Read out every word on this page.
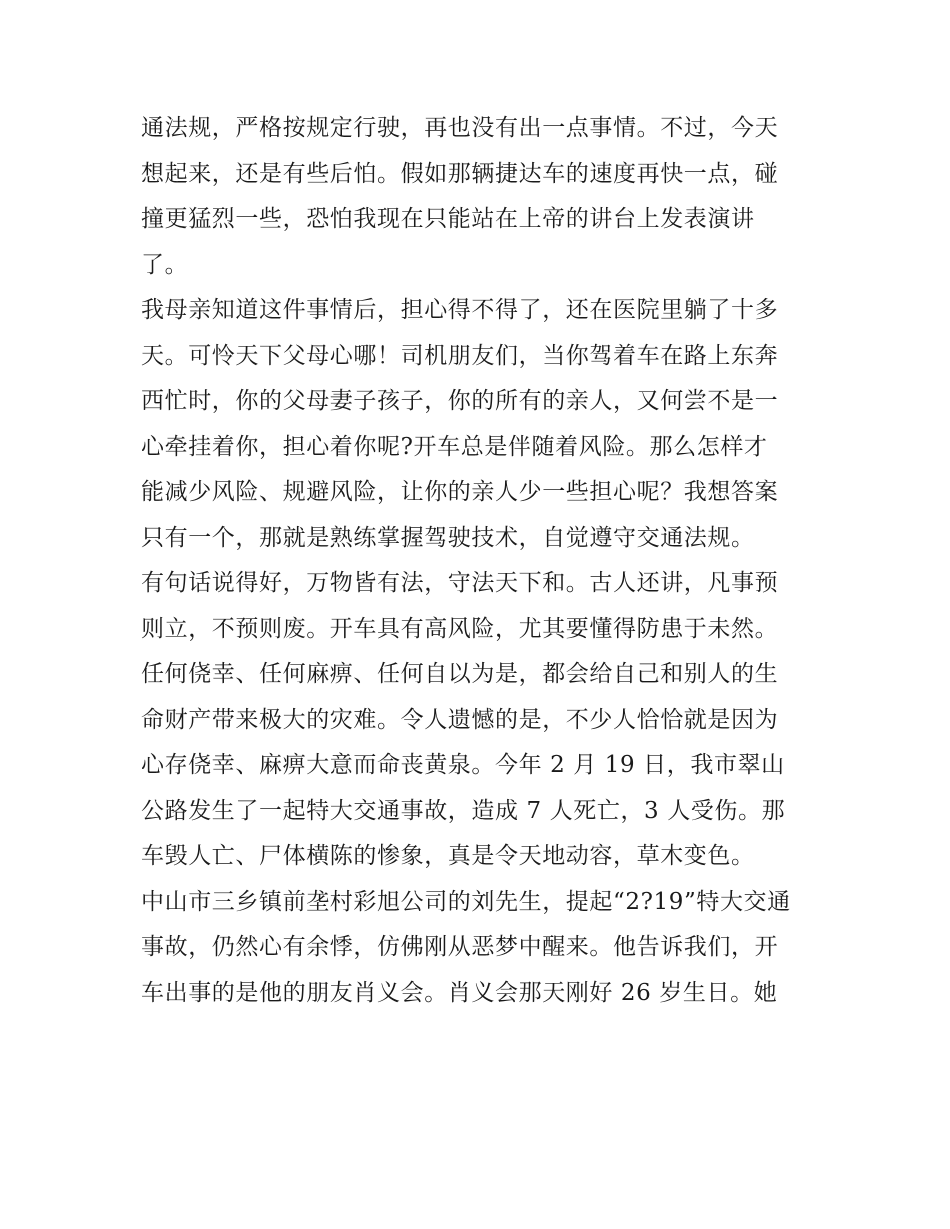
通法规，严格按规定行驶，再也没有出一点事情。不过，今天
想起来，还是有些后怕。假如那辆捷达车的速度再快一点，碰
撞更猛烈一些，恐怕我现在只能站在上帝的讲台上发表演讲
了。
我母亲知道这件事情后，担心得不得了，还在医院里躺了十多
天。可怜天下父母心哪！司机朋友们，当你驾着车在路上东奔
西忙时，你的父母妻子孩子，你的所有的亲人，又何尝不是一
心牵挂着你，担心着你呢?开车总是伴随着风险。那么怎样才
能减少风险、规避风险，让你的亲人少一些担心呢？我想答案
只有一个，那就是熟练掌握驾驶技术，自觉遵守交通法规。
有句话说得好，万物皆有法，守法天下和。古人还讲，凡事预
则立，不预则废。开车具有高风险，尤其要懂得防患于未然。
任何侥幸、任何麻痹、任何自以为是，都会给自己和别人的生
命财产带来极大的灾难。令人遗憾的是，不少人恰恰就是因为
心存侥幸、麻痹大意而命丧黄泉。今年 2 月 19 日，我市翠山
公路发生了一起特大交通事故，造成 7 人死亡，3 人受伤。那
车毁人亡、尸体横陈的惨象，真是令天地动容，草木变色。
中山市三乡镇前垄村彩旭公司的刘先生，提起“2?19”特大交通
事故，仍然心有余悸，仿佛刚从恶梦中醒来。他告诉我们，开
车出事的是他的朋友肖义会。肖义会那天刚好 26 岁生日。她
